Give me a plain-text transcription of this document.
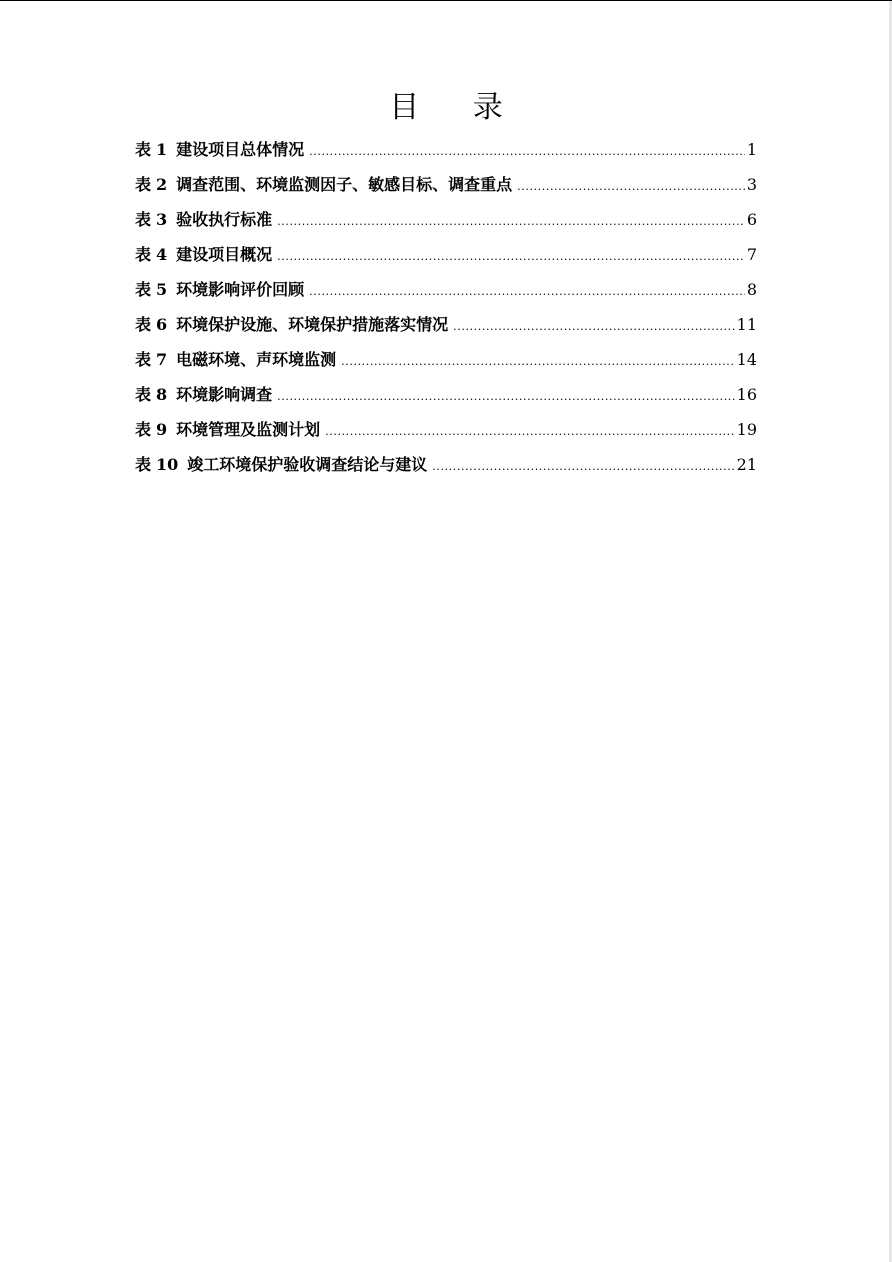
目 录
表 1 建设项目总体情况 .....	1
表 2 调查范围、环境监测因子、敏感目标、调查重点 .....	3
表 3 验收执行标准 .....	6
表 4 建设项目概况 .....	7
表 5 环境影响评价回顾 .....	8
表 6 环境保护设施、环境保护措施落实情况 .....	11
表 7 电磁环境、声环境监测 .....	14
表 8 环境影响调查 .....	16
表 9 环境管理及监测计划 .....	19
表 10 竣工环境保护验收调查结论与建议 .....	21
